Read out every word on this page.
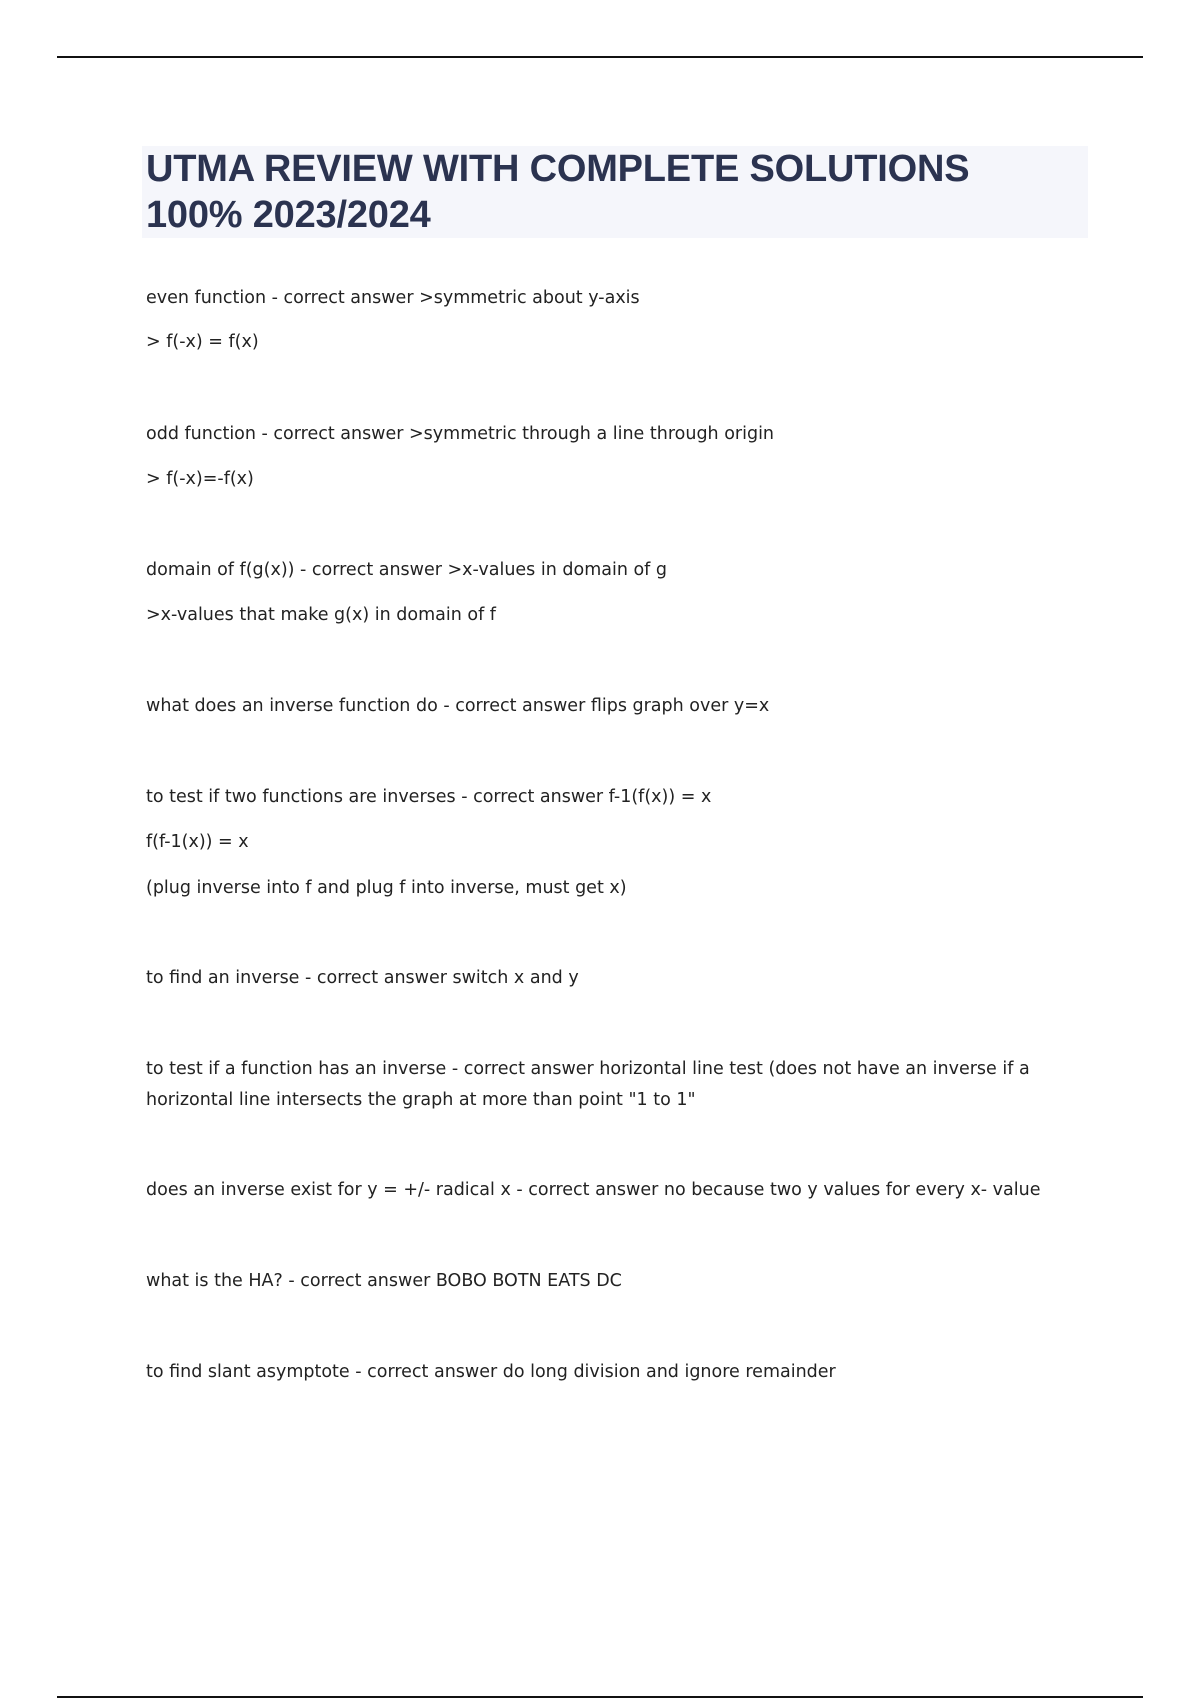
UTMA REVIEW WITH COMPLETE SOLUTIONS
100% 2023/2024
even function - correct answer >symmetric about y-axis
> f(-x) = f(x)
odd function - correct answer >symmetric through a line through origin
> f(-x)=-f(x)
domain of f(g(x)) - correct answer >x-values in domain of g
>x-values that make g(x) in domain of f
what does an inverse function do - correct answer flips graph over y=x
to test if two functions are inverses - correct answer f-1(f(x)) = x
f(f-1(x)) = x
(plug inverse into f and plug f into inverse, must get x)
to find an inverse - correct answer switch x and y
to test if a function has an inverse - correct answer horizontal line test (does not have an inverse if a horizontal line intersects the graph at more than point "1 to 1"
does an inverse exist for y = +/- radical x - correct answer no because two y values for every x- value
what is the HA? - correct answer BOBO BOTN EATS DC
to find slant asymptote - correct answer do long division and ignore remainder
